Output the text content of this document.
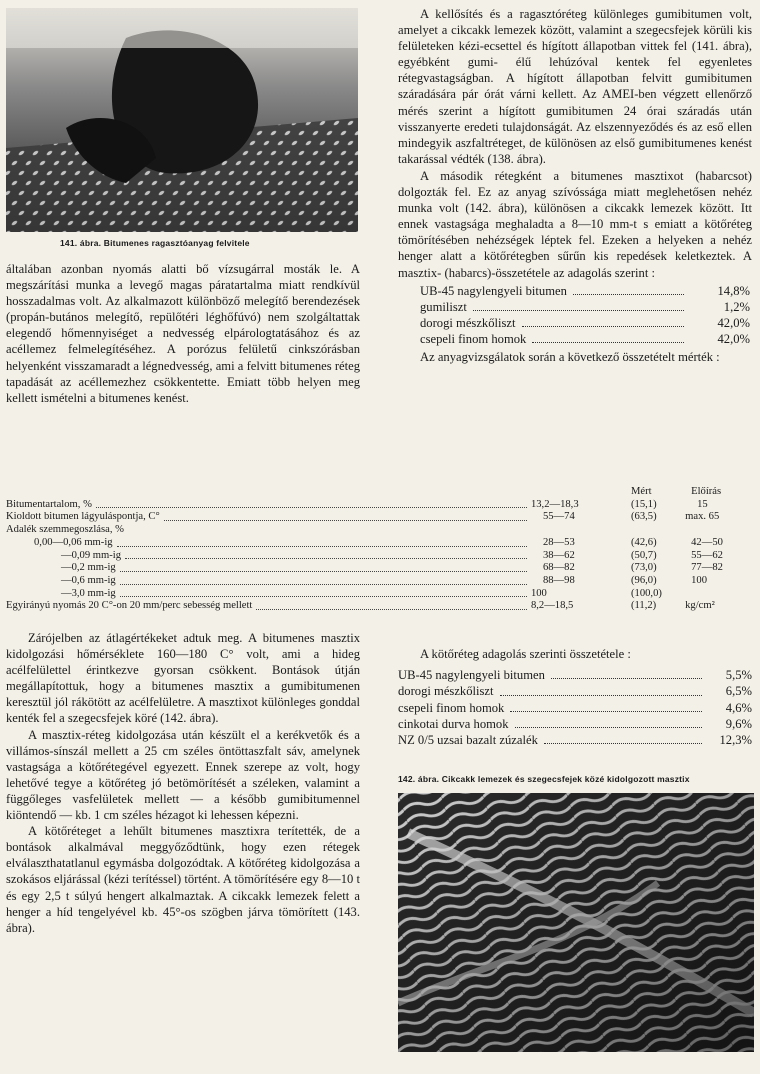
141. ábra. Bitumenes ragasztóanyag felvitele

általában azonban nyomás alatti bő vízsugárral mosták le. A megszárítási munka a levegő magas páratartalma miatt rendkívül hosszadalmas volt. Az alkalmazott különböző melegítő berendezések (propán-butános melegítő, repülőtéri léghőfúvó) nem szolgáltattak elegendő hőmennyiséget a nedvesség elpárologtatásához és az acéllemez felmelegítéséhez. A porózus felületű cinkszórásban helyenként visszamaradt a légnedvesség, ami a felvitt bitumenes réteg tapadását az acéllemezhez csökkentette. Emiatt több helyen meg kellett ismételni a bitumenes kenést.

A kellősítés és a ragasztóréteg különleges gumibitumen volt, amelyet a cikcakk lemezek között, valamint a szegecsfejek körüli kis felületeken kézi-ecsettel és hígított állapotban vittek fel (141. ábra), egyébként gumi- élű lehúzóval kentek fel egyenletes rétegvastagságban. A hígított állapotban felvitt gumibitumen száradására pár órát várni kellett. Az AMEI-ben végzett ellenőrző mérés szerint a hígított gumibitumen 24 órai száradás után visszanyerte eredeti tulajdonságát. Az elszennyeződés és az eső ellen mindegyik aszfaltréteget, de különösen az első gumibitumenes kenést takarással védték (138. ábra).

A második rétegként a bitumenes masztixot (habarcsot) dolgozták fel. Ez az anyag szívóssága miatt meglehetősen nehéz munka volt (142. ábra), különösen a cikcakk lemezek között. Itt ennek vastagsága meghaladta a 8—10 mm-t s emiatt a kötőréteg tömörítésében nehézségek léptek fel. Ezeken a helyeken a nehéz henger alatt a kötőrétegben sűrűn kis repedések keletkeztek. A masztix- (habarcs)-összetétele az adagolás szerint :

UB-45 nagylengyeli bitumen	14,8%
gumiliszt	1,2%
dorogi mészkőliszt	42,0%
csepeli finom homok	42,0%

Az anyagvizsgálatok során a következő összetételt mérték :

		Mért	Előírás

Bitumentartalom, %	13,2—18,3	(15,1)	15

Kioldott bitumen lágyuláspontja, C°	55—74	(63,5)	max. 65
Adalék szemmegoszlása, %			

0,00—0,06 mm-ig	28—53	(42,6)	42—50

—0,09 mm-ig	38—62	(50,7)	55—62

—0,2 mm-ig	68—82	(73,0)	77—82

—0,6 mm-ig	88—98	(96,0)	100

—3,0 mm-ig	100	(100,0)	

Egyirányú nyomás 20 C°-on 20 mm/perc sebesség mellett	8,2—18,5	(11,2)	kg/cm²

Zárójelben az átlagértékeket adtuk meg. A bitumenes masztix kidolgozási hőmérséklete 160—180 C° volt, ami a hideg acélfelülettel érintkezve gyorsan csökkent. Bontások útján megállapítottuk, hogy a bitumenes masztix a gumibitumenen keresztül jól rákötött az acélfelületre. A masztixot különleges gonddal kenték fel a szegecsfejek köré (142. ábra).

A masztix-réteg kidolgozása után készült el a kerékvetők és a villámos-sínszál mellett a 25 cm széles öntöttaszfalt sáv, amelynek vastagsága a kötőrétegével egyezett. Ennek szerepe az volt, hogy lehetővé tegye a kötőréteg jó betömörítését a széleken, valamint a függőleges vasfelületek mellett — a később gumibitumennel kiöntendő — kb. 1 cm széles hézagot ki lehessen képezni.

A kötőréteget a lehűlt bitumenes masztixra terítették, de a bontások alkalmával meggyőződtünk, hogy ezen rétegek elválaszthatatlanul egymásba dolgozódtak. A kötőréteg kidolgozása a szokásos eljárással (kézi terítéssel) történt. A tömörítésére egy 8—10 t és egy 2,5 t súlyú hengert alkalmaztak. A cikcakk lemezek felett a henger a híd tengelyével kb. 45°-os szögben járva tömörített (143. ábra).

A kötőréteg adagolás szerinti összetétele :

UB-45 nagylengyeli bitumen	5,5%
dorogi mészkőliszt	6,5%
csepeli finom homok	4,6%
cinkotai durva homok	9,6%
NZ 0/5 uzsai bazalt zúzalék	12,3%
142. ábra. Cikcakk lemezek és szegecsfejek közé kidolgozott masztix
